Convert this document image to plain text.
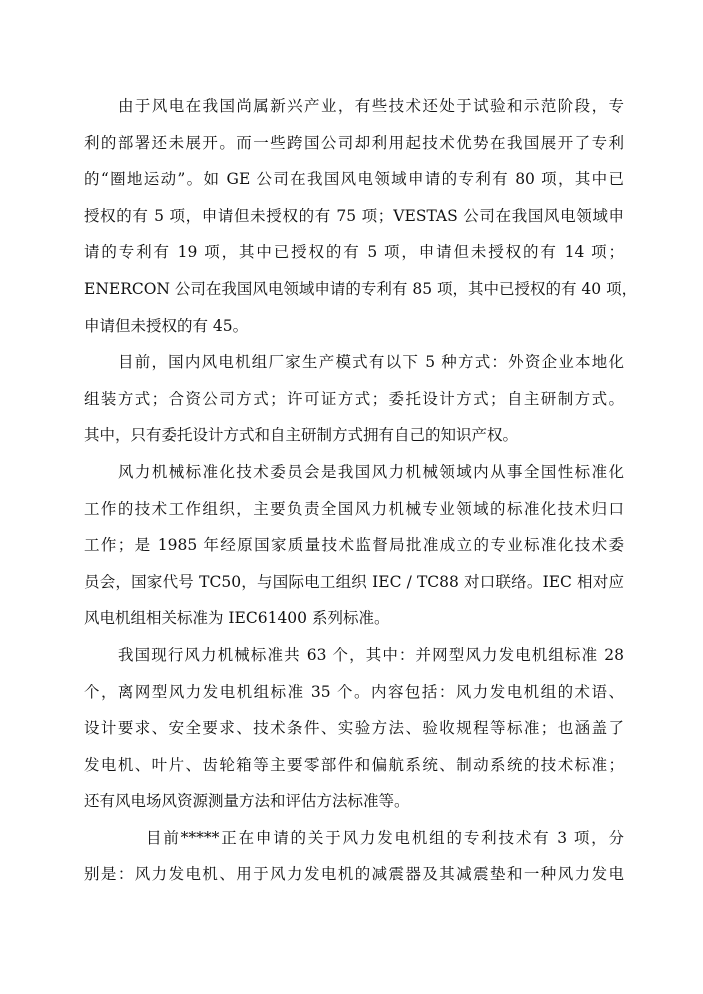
由于风电在我国尚属新兴产业，有些技术还处于试验和示范阶段，专
利的部署还未展开。而一些跨国公司却利用起技术优势在我国展开了专利
的“圈地运动”。如 GE 公司在我国风电领域申请的专利有 80 项，其中已
授权的有 5 项，申请但未授权的有 75 项；VESTAS 公司在我国风电领域申
请的专利有 19 项，其中已授权的有 5 项，申请但未授权的有 14 项；
ENERCON 公司在我国风电领域申请的专利有 85 项，其中已授权的有 40 项，
申请但未授权的有 45。
目前，国内风电机组厂家生产模式有以下 5 种方式：外资企业本地化
组装方式；合资公司方式；许可证方式；委托设计方式；自主研制方式。
其中，只有委托设计方式和自主研制方式拥有自己的知识产权。
风力机械标准化技术委员会是我国风力机械领域内从事全国性标准化
工作的技术工作组织，主要负责全国风力机械专业领域的标准化技术归口
工作；是 1985 年经原国家质量技术监督局批准成立的专业标准化技术委
员会，国家代号 TC50，与国际电工组织 IEC / TC88 对口联络。IEC 相对应
风电机组相关标准为 IEC61400 系列标准。
我国现行风力机械标准共 63 个，其中：并网型风力发电机组标准 28
个，离网型风力发电机组标准 35 个。内容包括：风力发电机组的术语、
设计要求、安全要求、技术条件、实验方法、验收规程等标准；也涵盖了
发电机、叶片、齿轮箱等主要零部件和偏航系统、制动系统的技术标准；
还有风电场风资源测量方法和评估方法标准等。
目前*****正在申请的关于风力发电机组的专利技术有 3 项，分
别是：风力发电机、用于风力发电机的减震器及其减震垫和一种风力发电
